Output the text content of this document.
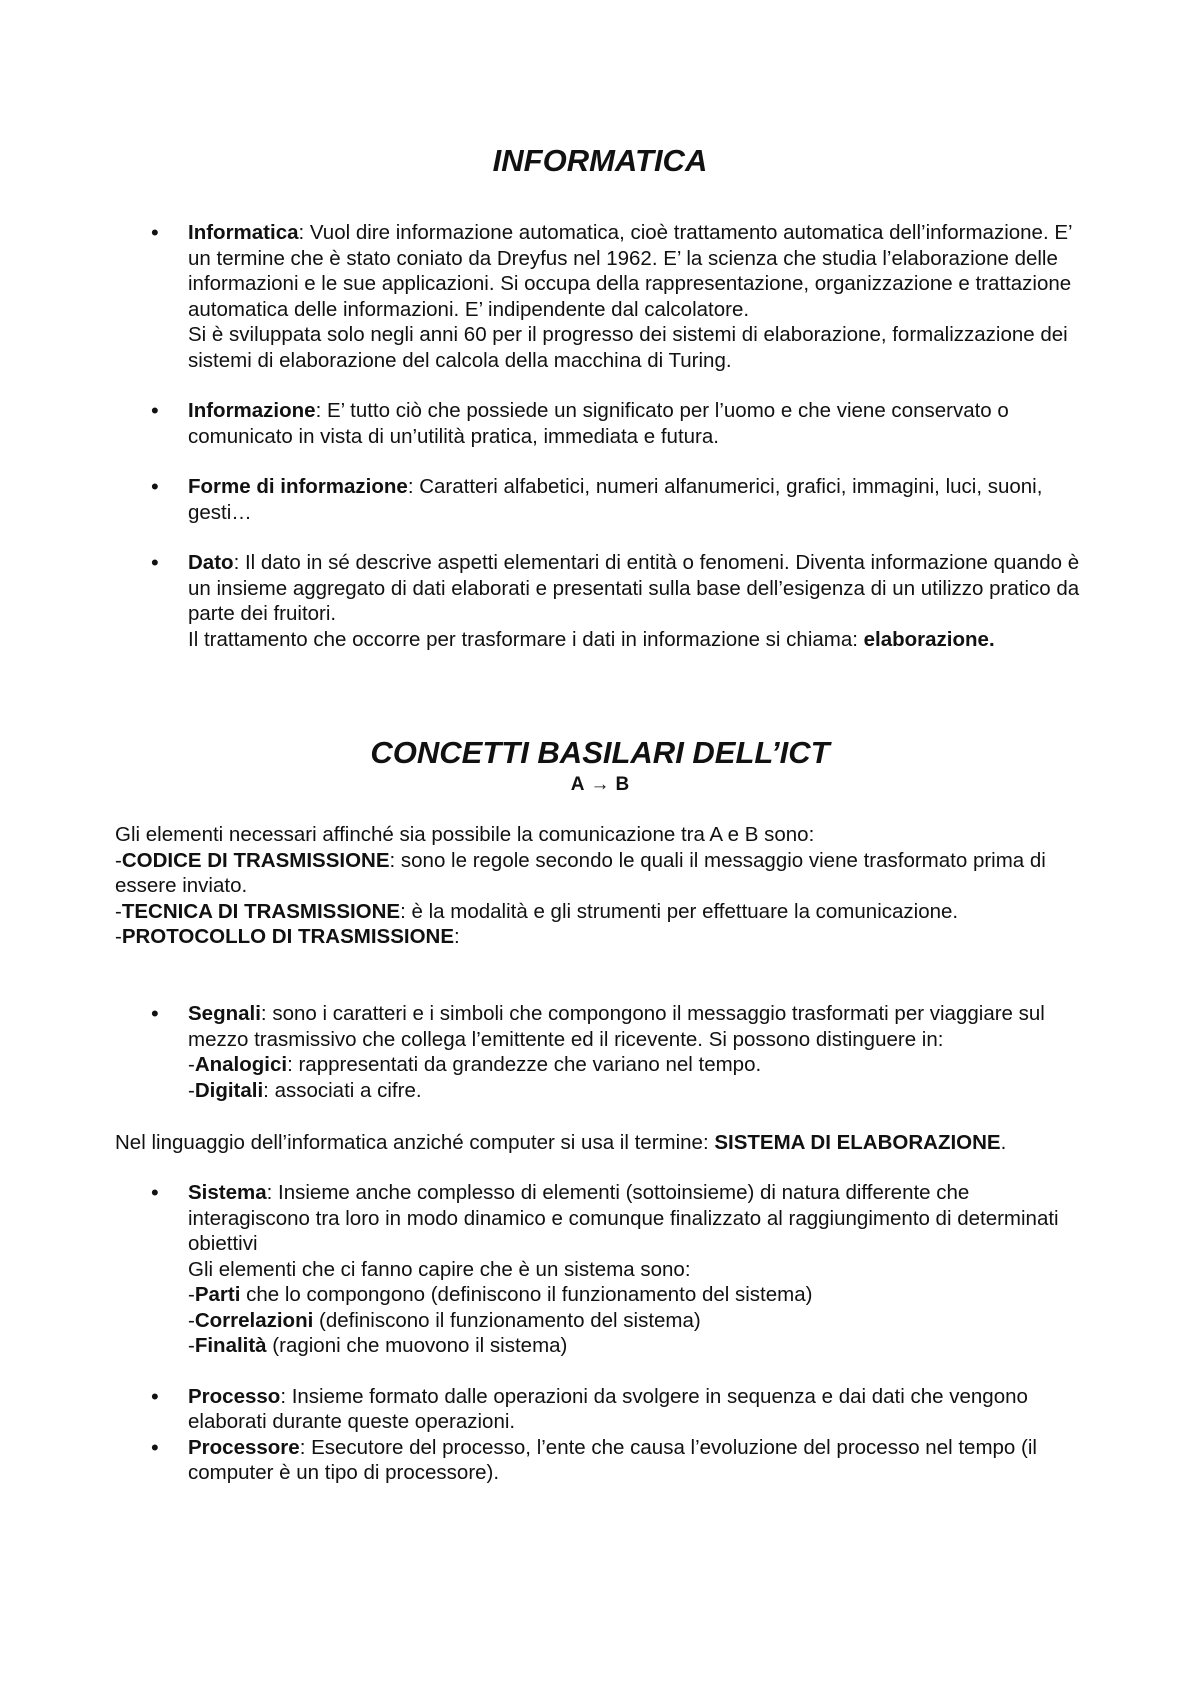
INFORMATICA
• Informatica: Vuol dire informazione automatica, cioè trattamento automatica dell’informazione. E’ un termine che è stato coniato da Dreyfus nel 1962. E’ la scienza che studia l’elaborazione delle informazioni e le sue applicazioni. Si occupa della rappresentazione, organizzazione e trattazione automatica delle informazioni. E’ indipendente dal calcolatore.

Si è sviluppata solo negli anni 60 per il progresso dei sistemi di elaborazione, formalizzazione dei sistemi di elaborazione del calcola della macchina di Turing.

• Informazione: E’ tutto ciò che possiede un significato per l’uomo e che viene conservato o comunicato in vista di un’utilità pratica, immediata e futura.

• Forme di informazione: Caratteri alfabetici, numeri alfanumerici, grafici, immagini, luci, suoni, gesti…

• Dato: Il dato in sé descrive aspetti elementari di entità o fenomeni. Diventa informazione quando è un insieme aggregato di dati elaborati e presentati sulla base dell’esigenza di un utilizzo pratico da parte dei fruitori.

Il trattamento che occorre per trasformare i dati in informazione si chiama: elaborazione.

CONCETTI BASILARI DELL’ICT
A → B

Gli elementi necessari affinché sia possibile la comunicazione tra A e B sono:

-CODICE DI TRASMISSIONE: sono le regole secondo le quali il messaggio viene trasformato prima di essere inviato.

-TECNICA DI TRASMISSIONE: è la modalità e gli strumenti per effettuare la comunicazione.

-PROTOCOLLO DI TRASMISSIONE:

• Segnali: sono i caratteri e i simboli che compongono il messaggio trasformati per viaggiare sul mezzo trasmissivo che collega l’emittente ed il ricevente. Si possono distinguere in:

-Analogici: rappresentati da grandezze che variano nel tempo.

-Digitali: associati a cifre.

Nel linguaggio dell’informatica anziché computer si usa il termine: SISTEMA DI ELABORAZIONE.

• Sistema: Insieme anche complesso di elementi (sottoinsieme) di natura differente che interagiscono tra loro in modo dinamico e comunque finalizzato al raggiungimento di determinati obiettivi

Gli elementi che ci fanno capire che è un sistema sono:

-Parti che lo compongono (definiscono il funzionamento del sistema)

-Correlazioni (definiscono il funzionamento del sistema)

-Finalità (ragioni che muovono il sistema)

• Processo: Insieme formato dalle operazioni da svolgere in sequenza e dai dati che vengono elaborati durante queste operazioni.

• Processore: Esecutore del processo, l’ente che causa l’evoluzione del processo nel tempo (il computer è un tipo di processore).
